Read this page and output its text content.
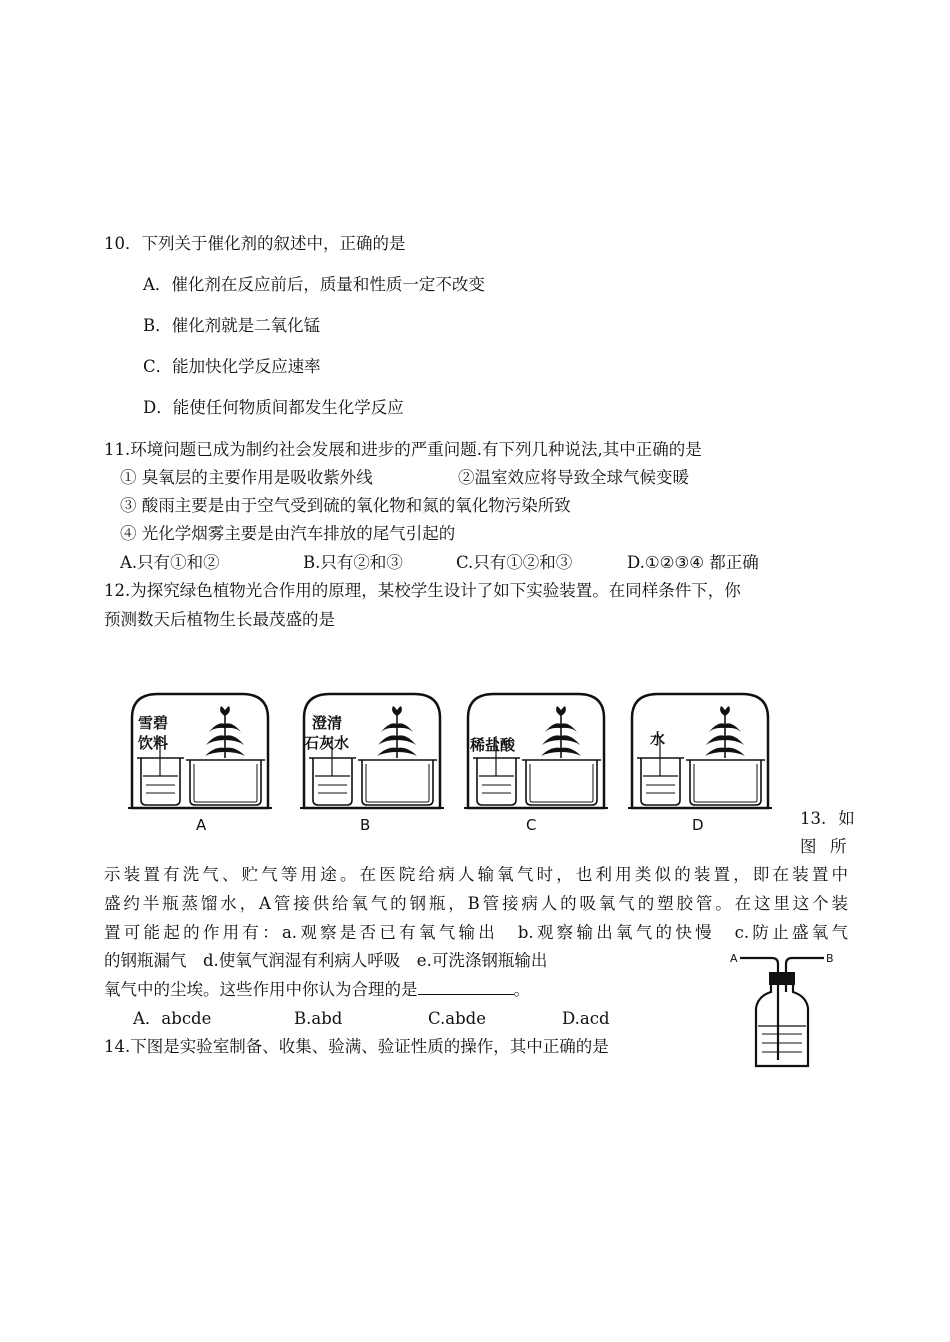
10．下列关于催化剂的叙述中，正确的是
A．催化剂在反应前后，质量和性质一定不改变
B．催化剂就是二氧化锰
C．能加快化学反应速率
D．能使任何物质间都发生化学反应
11.环境问题已成为制约社会发展和进步的严重问题.有下列几种说法,其中正确的是
① 臭氧层的主要作用是吸收紫外线	②温室效应将导致全球气候变暖
③ 酸雨主要是由于空气受到硫的氧化物和氮的氧化物污染所致
④ 光化学烟雾主要是由汽车排放的尾气引起的
A.只有①和②	B.只有②和③	C.只有①②和③	D.①②③④ 都正确
12.为探究绿色植物光合作用的原理，某校学生设计了如下实验装置。在同样条件下，你
预测数天后植物生长最茂盛的是
雪碧
饮料
A
澄清
石灰水
B
稀盐酸
C
水
D	13. 如
图 所
示装置有洗气、贮气等用途。在医院给病人输氧气时，也利用类似的装置，即在装置中
盛约半瓶蒸馏水，A管接供给氧气的钢瓶，B管接病人的吸氧气的塑胶管。在这里这个装
置可能起的作用有：a.观察是否已有氧气输出　b.观察输出氧气的快慢　c.防止盛氧气
的钢瓶漏气　d.使氧气润湿有利病人呼吸　e.可洗涤钢瓶输出
氧气中的尘埃。这些作用中你认为合理的是	。
A．abcde	B.abd	C.abde	D.acd
A	B
14.下图是实验室制备、收集、验满、验证性质的操作，其中正确的是
